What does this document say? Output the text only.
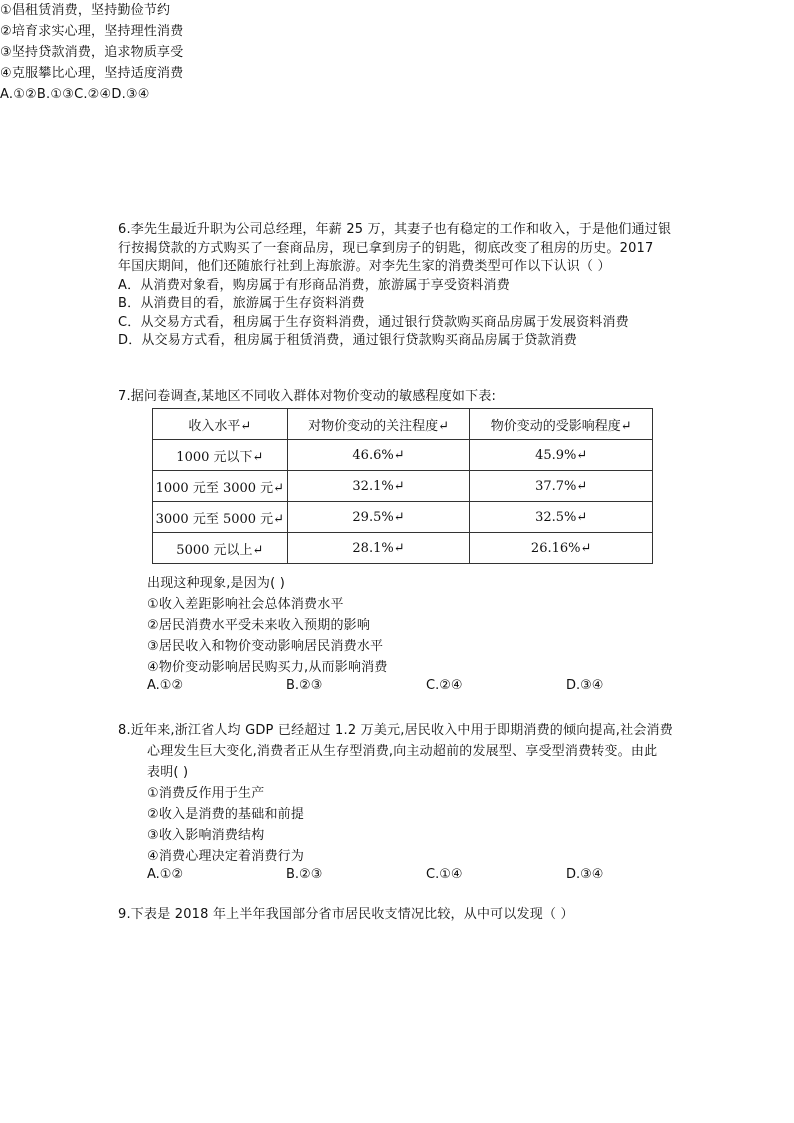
①倡租赁消费，坚持勤俭节约
②培育求实心理，坚持理性消费
③坚持贷款消费，追求物质享受
④克服攀比心理，坚持适度消费
A.①②B.①③C.②④D.③④
6.李先生最近升职为公司总经理，年薪 25 万，其妻子也有稳定的工作和收入，于是他们通过银
行按揭贷款的方式购买了一套商品房，现已拿到房子的钥匙，彻底改变了租房的历史。2017
年国庆期间，他们还随旅行社到上海旅游。对李先生家的消费类型可作以下认识（ ）
A．从消费对象看，购房属于有形商品消费，旅游属于享受资料消费
B．从消费目的看，旅游属于生存资料消费
C．从交易方式看，租房属于生存资料消费，通过银行贷款购买商品房属于发展资料消费
D．从交易方式看，租房属于租赁消费，通过银行贷款购买商品房属于贷款消费
7.据问卷调查,某地区不同收入群体对物价变动的敏感程度如下表:
收入水平↵	对物价变动的关注程度↵	物价变动的受影响程度↵
1000 元以下↵	46.6%↵	45.9%↵
1000 元至 3000 元↵	32.1%↵	37.7%↵
3000 元至 5000 元↵	29.5%↵	32.5%↵
5000 元以上↵	28.1%↵	26.16%↵
出现这种现象,是因为( )
①收入差距影响社会总体消费水平
②居民消费水平受未来收入预期的影响
③居民收入和物价变动影响居民消费水平
④物价变动影响居民购买力,从而影响消费
A.①②	B.②③	C.②④	D.③④
8.近年来,浙江省人均 GDP 已经超过 1.2 万美元,居民收入中用于即期消费的倾向提高,社会消费
心理发生巨大变化,消费者正从生存型消费,向主动超前的发展型、享受型消费转变。由此
表明( )
①消费反作用于生产
②收入是消费的基础和前提
③收入影响消费结构
④消费心理决定着消费行为
A.①②	B.②③	C.①④	D.③④
9.下表是 2018 年上半年我国部分省市居民收支情况比较，从中可以发现（ ）
